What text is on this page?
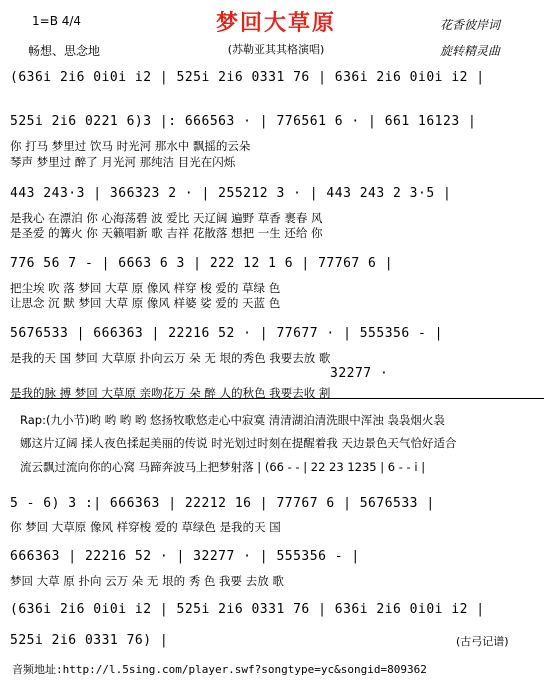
梦回大草原
(苏勒亚其其格演唱)
1=B 4/4
畅想、思念地
花香彼岸词
旋转精灵曲
(636i 2i6 0i0i i2 | 525i 2i6 0331 76 | 636i 2i6 0i0i i2 |
525i 2i6 0221 6)3 |: 666563 · | 776561 6 · | 661 16123 |
你 打马 梦里过 饮马 时光河 那水中 飘摇的云朵
琴声 梦里过 醉了 月光河 那纯洁 目光在闪烁
443 243·3 | 366323 2 · | 255212 3 · | 443 243 2 3·5 |
是我心 在漂泊 你 心海荡碧 波 爱比 天辽阔 遍野 草香 裹春 风
是圣爱 的篝火 你 天籁唱新 歌 吉祥 花散落 想把 一生 还给 你
776 56 7 - | 6663 6 3 | 222 12 1 6 | 77767 6 |
把尘埃 吹 落 梦回 大草 原 像风 样穿 梭 爱的 草绿 色
让思念 沉 默 梦回 大草 原 像风 样婆 娑 爱的 天蓝 色
5676533 | 666363 | 22216 52 · | 77677 · | 555356 - |
是我的天 国 梦回 大草原 扑向云万 朵 无 垠的秀色 我要去放 歌
32277 ·
是我的脉 搏 梦回 大草原 亲吻花万 朵 醉 人的秋色 我要去收 割
5 - 6) 3 :| 666363 | 22212 16 | 77767 6 | 5676533 |
你 梦回 大草原 像风 样穿梭 爱的 草绿色 是我的天 国
666363 | 22216 52 · | 32277 · | 555356 - |
梦回 大草 原 扑向 云万 朵 无 垠的 秀 色 我要 去放 歌
(636i 2i6 0i0i i2 | 525i 2i6 0331 76 | 636i 2i6 0i0i i2 |
525i 2i6 0331 76) |
Rap:(九小节)哟 哟 哟 哟 悠扬牧歌悠走心中寂寞 清清湖泊清洗眼中浑浊 袅袅烟火袅
娜这片辽阔 揉人夜色揉起美丽的传说 时光划过时刻在提醒着我 天边景色天气恰好适合
流云飘过流向你的心窝 马蹄奔波马上把梦射落 | (66 - - | 22 23 1235 | 6 - - i |
(古弓记谱)
音频地址:http://l.5sing.com/player.swf?songtype=yc&songid=809362
